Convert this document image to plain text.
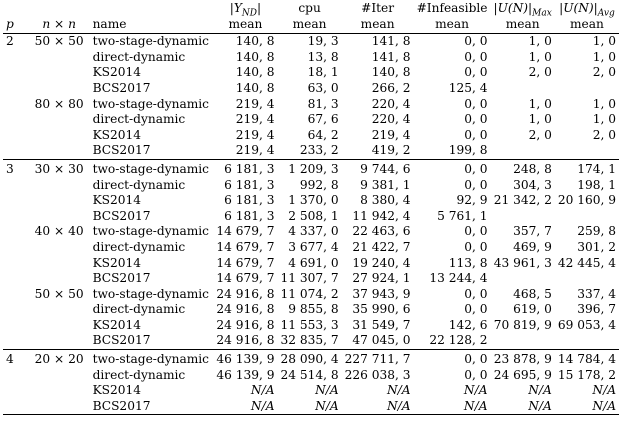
			$|Y_{ND}|$	cpu	#Iter	#Infeasible	$|U(N)|_{Max}$	$|U(N)|_{Avg}$
p	n × n	name	mean	mean	mean	mean	mean	mean
2	50 × 50	two-stage-dynamic	140, 8	19, 3	141, 8	0, 0	1, 0	1, 0
		direct-dynamic	140, 8	13, 8	141, 8	0, 0	1, 0	1, 0
		KS2014	140, 8	18, 1	140, 8	0, 0	2, 0	2, 0
		BCS2017	140, 8	63, 0	266, 2	125, 4		
	80 × 80	two-stage-dynamic	219, 4	81, 3	220, 4	0, 0	1, 0	1, 0
		direct-dynamic	219, 4	67, 6	220, 4	0, 0	1, 0	1, 0
		KS2014	219, 4	64, 2	219, 4	0, 0	2, 0	2, 0
		BCS2017	219, 4	233, 2	419, 2	199, 8		
3	30 × 30	two-stage-dynamic	6 181, 3	1 209, 3	9 744, 6	0, 0	248, 8	174, 1
		direct-dynamic	6 181, 3	992, 8	9 381, 1	0, 0	304, 3	198, 1
		KS2014	6 181, 3	1 370, 0	8 380, 4	92, 9	21 342, 2	20 160, 9
		BCS2017	6 181, 3	2 508, 1	11 942, 4	5 761, 1		
	40 × 40	two-stage-dynamic	14 679, 7	4 337, 0	22 463, 6	0, 0	357, 7	259, 8
		direct-dynamic	14 679, 7	3 677, 4	21 422, 7	0, 0	469, 9	301, 2
		KS2014	14 679, 7	4 691, 0	19 240, 4	113, 8	43 961, 3	42 445, 4
		BCS2017	14 679, 7	11 307, 7	27 924, 1	13 244, 4		
	50 × 50	two-stage-dynamic	24 916, 8	11 074, 2	37 943, 9	0, 0	468, 5	337, 4
		direct-dynamic	24 916, 8	9 855, 8	35 990, 6	0, 0	619, 0	396, 7
		KS2014	24 916, 8	11 553, 3	31 549, 7	142, 6	70 819, 9	69 053, 4
		BCS2017	24 916, 8	32 835, 7	47 045, 0	22 128, 2		
4	20 × 20	two-stage-dynamic	46 139, 9	28 090, 4	227 711, 7	0, 0	23 878, 9	14 784, 4
		direct-dynamic	46 139, 9	24 514, 8	226 038, 3	0, 0	24 695, 9	15 178, 2
		KS2014	N/A	N/A	N/A	N/A	N/A	N/A
		BCS2017	N/A	N/A	N/A	N/A	N/A	N/A
